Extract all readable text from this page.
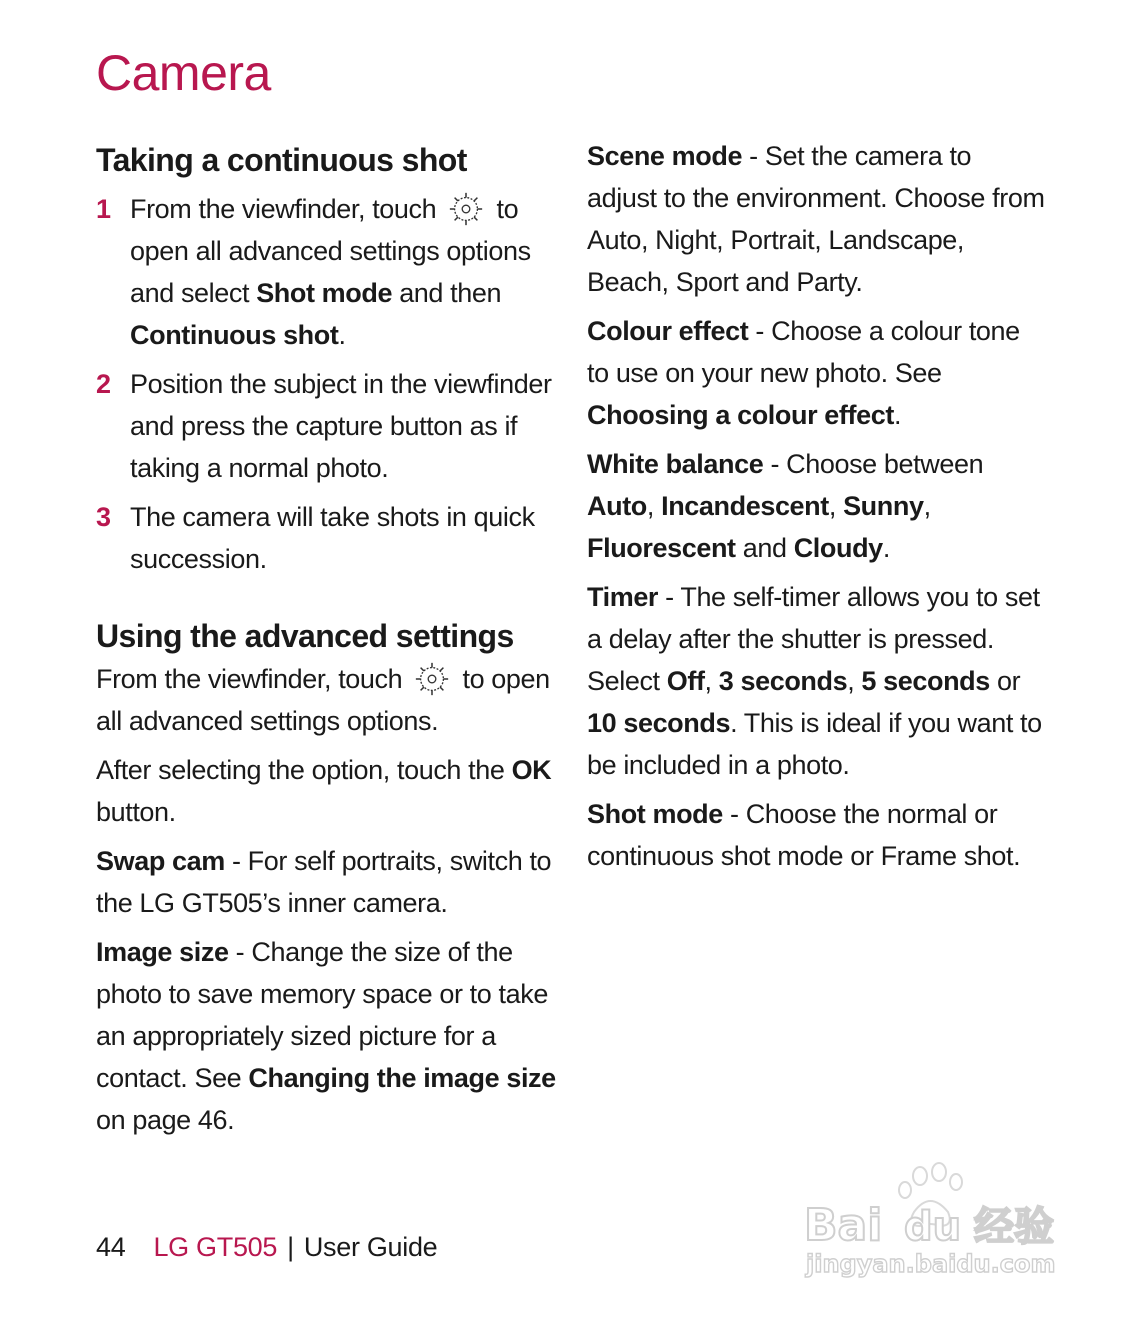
Camera
Taking a continuous shot
1 From the viewfinder, touch to open all advanced settings options and select Shot mode and then Continuous shot.
2 Position the subject in the viewfinder and press the capture button as if taking a normal photo.
3 The camera will take shots in quick succession.
Using the advanced settings

From the viewfinder, touch to open all advanced settings options.

After selecting the option, touch the OK button.

Swap cam - For self portraits, switch to the LG GT505’s inner camera.

Image size - Change the size of the photo to save memory space or to take an appropriately sized picture for a contact. See Changing the image size on page 46.

Scene mode - Set the camera to adjust to the environment. Choose from Auto, Night, Portrait, Landscape, Beach, Sport and Party.

Colour effect - Choose a colour tone to use on your new photo. See Choosing a colour effect.

White balance - Choose between Auto, Incandescent, Sunny, Fluorescent and Cloudy.

Timer - The self-timer allows you to set a delay after the shutter is pressed. Select Off, 3 seconds, 5 seconds or 10 seconds. This is ideal if you want to be included in a photo.

Shot mode - Choose the normal or continuous shot mode or Frame shot.

44 LG GT505 | User Guide	Bai du 经验
jingyan.baidu.com
